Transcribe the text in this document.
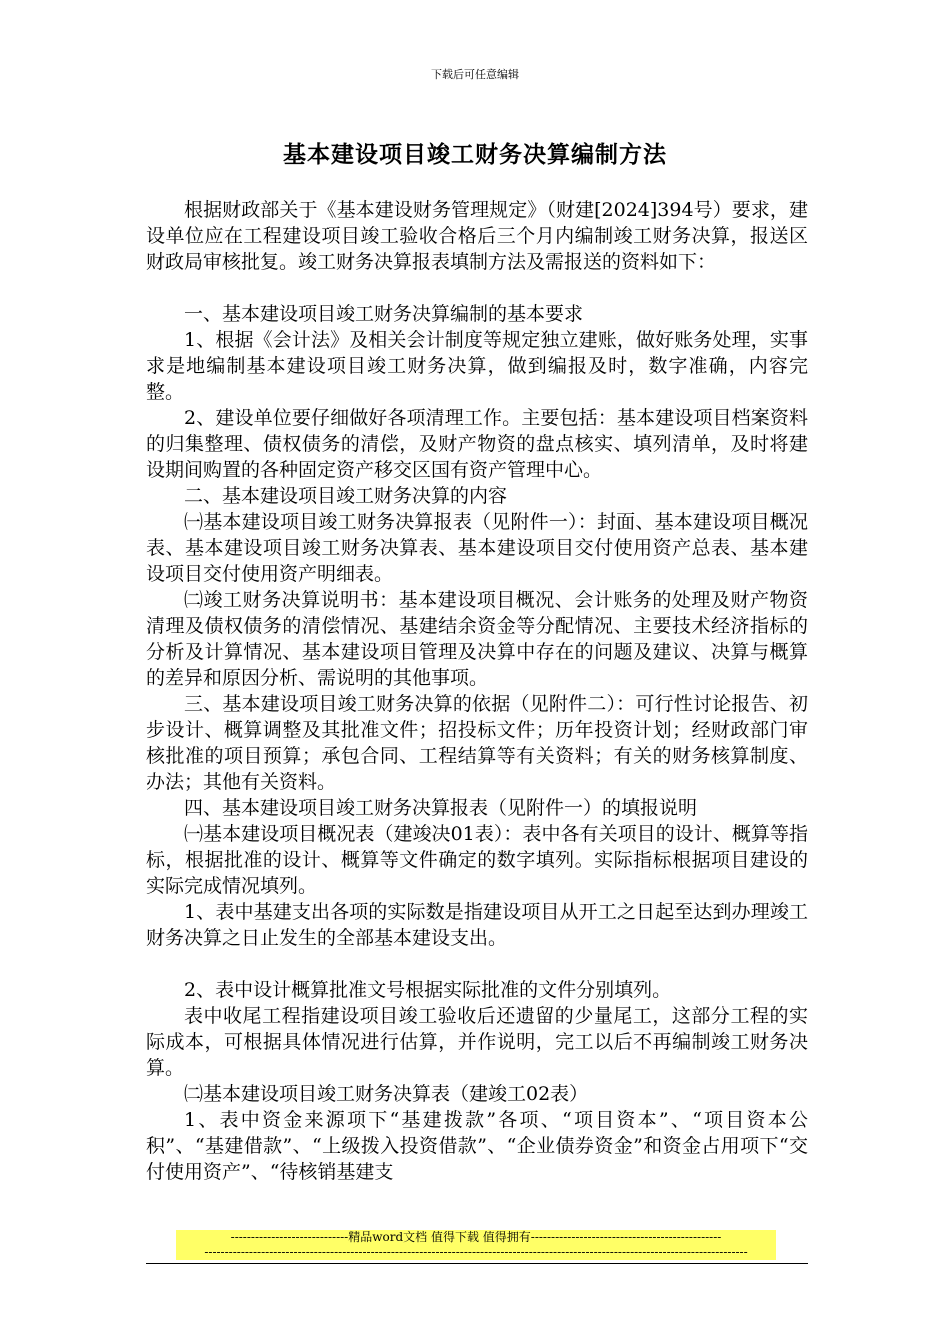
下载后可任意编辑
基本建设项目竣工财务决算编制方法

根据财政部关于《基本建设财务管理规定》（财建[2024]394号）要求，建设单位应在工程建设项目竣工验收合格后三个月内编制竣工财务决算，报送区财政局审核批复。竣工财务决算报表填制方法及需报送的资料如下：

一、基本建设项目竣工财务决算编制的基本要求

1、根据《会计法》及相关会计制度等规定独立建账，做好账务处理，实事求是地编制基本建设项目竣工财务决算，做到编报及时，数字准确，内容完整。

2、建设单位要仔细做好各项清理工作。主要包括：基本建设项目档案资料的归集整理、债权债务的清偿，及财产物资的盘点核实、填列清单，及时将建设期间购置的各种固定资产移交区国有资产管理中心。

二、基本建设项目竣工财务决算的内容

㈠基本建设项目竣工财务决算报表（见附件一）：封面、基本建设项目概况表、基本建设项目竣工财务决算表、基本建设项目交付使用资产总表、基本建设项目交付使用资产明细表。

㈡竣工财务决算说明书：基本建设项目概况、会计账务的处理及财产物资清理及债权债务的清偿情况、基建结余资金等分配情况、主要技术经济指标的分析及计算情况、基本建设项目管理及决算中存在的问题及建议、决算与概算的差异和原因分析、需说明的其他事项。

三、基本建设项目竣工财务决算的依据（见附件二）：可行性讨论报告、初步设计、概算调整及其批准文件；招投标文件；历年投资计划；经财政部门审核批准的项目预算；承包合同、工程结算等有关资料；有关的财务核算制度、办法；其他有关资料。

四、基本建设项目竣工财务决算报表（见附件一）的填报说明

㈠基本建设项目概况表（建竣决01表）：表中各有关项目的设计、概算等指标，根据批准的设计、概算等文件确定的数字填列。实际指标根据项目建设的实际完成情况填列。

1、表中基建支出各项的实际数是指建设项目从开工之日起至达到办理竣工财务决算之日止发生的全部基本建设支出。

2、表中设计概算批准文号根据实际批准的文件分别填列。

表中收尾工程指建设项目竣工验收后还遗留的少量尾工，这部分工程的实际成本，可根据具体情况进行估算，并作说明，完工以后不再编制竣工财务决算。

㈡基本建设项目竣工财务决算表（建竣工02表）

1、表中资金来源项下“基建拨款”各项、“项目资本”、“项目资本公积”、“基建借款”、“上级拨入投资借款”、“企业债券资金”和资金占用项下“交付使用资产”、“待核销基建支

-----------------------------精品word文档 值得下载 值得拥有-----------------------------------------------
--------------------------------------------------------------------------------------------------------------------------------------
